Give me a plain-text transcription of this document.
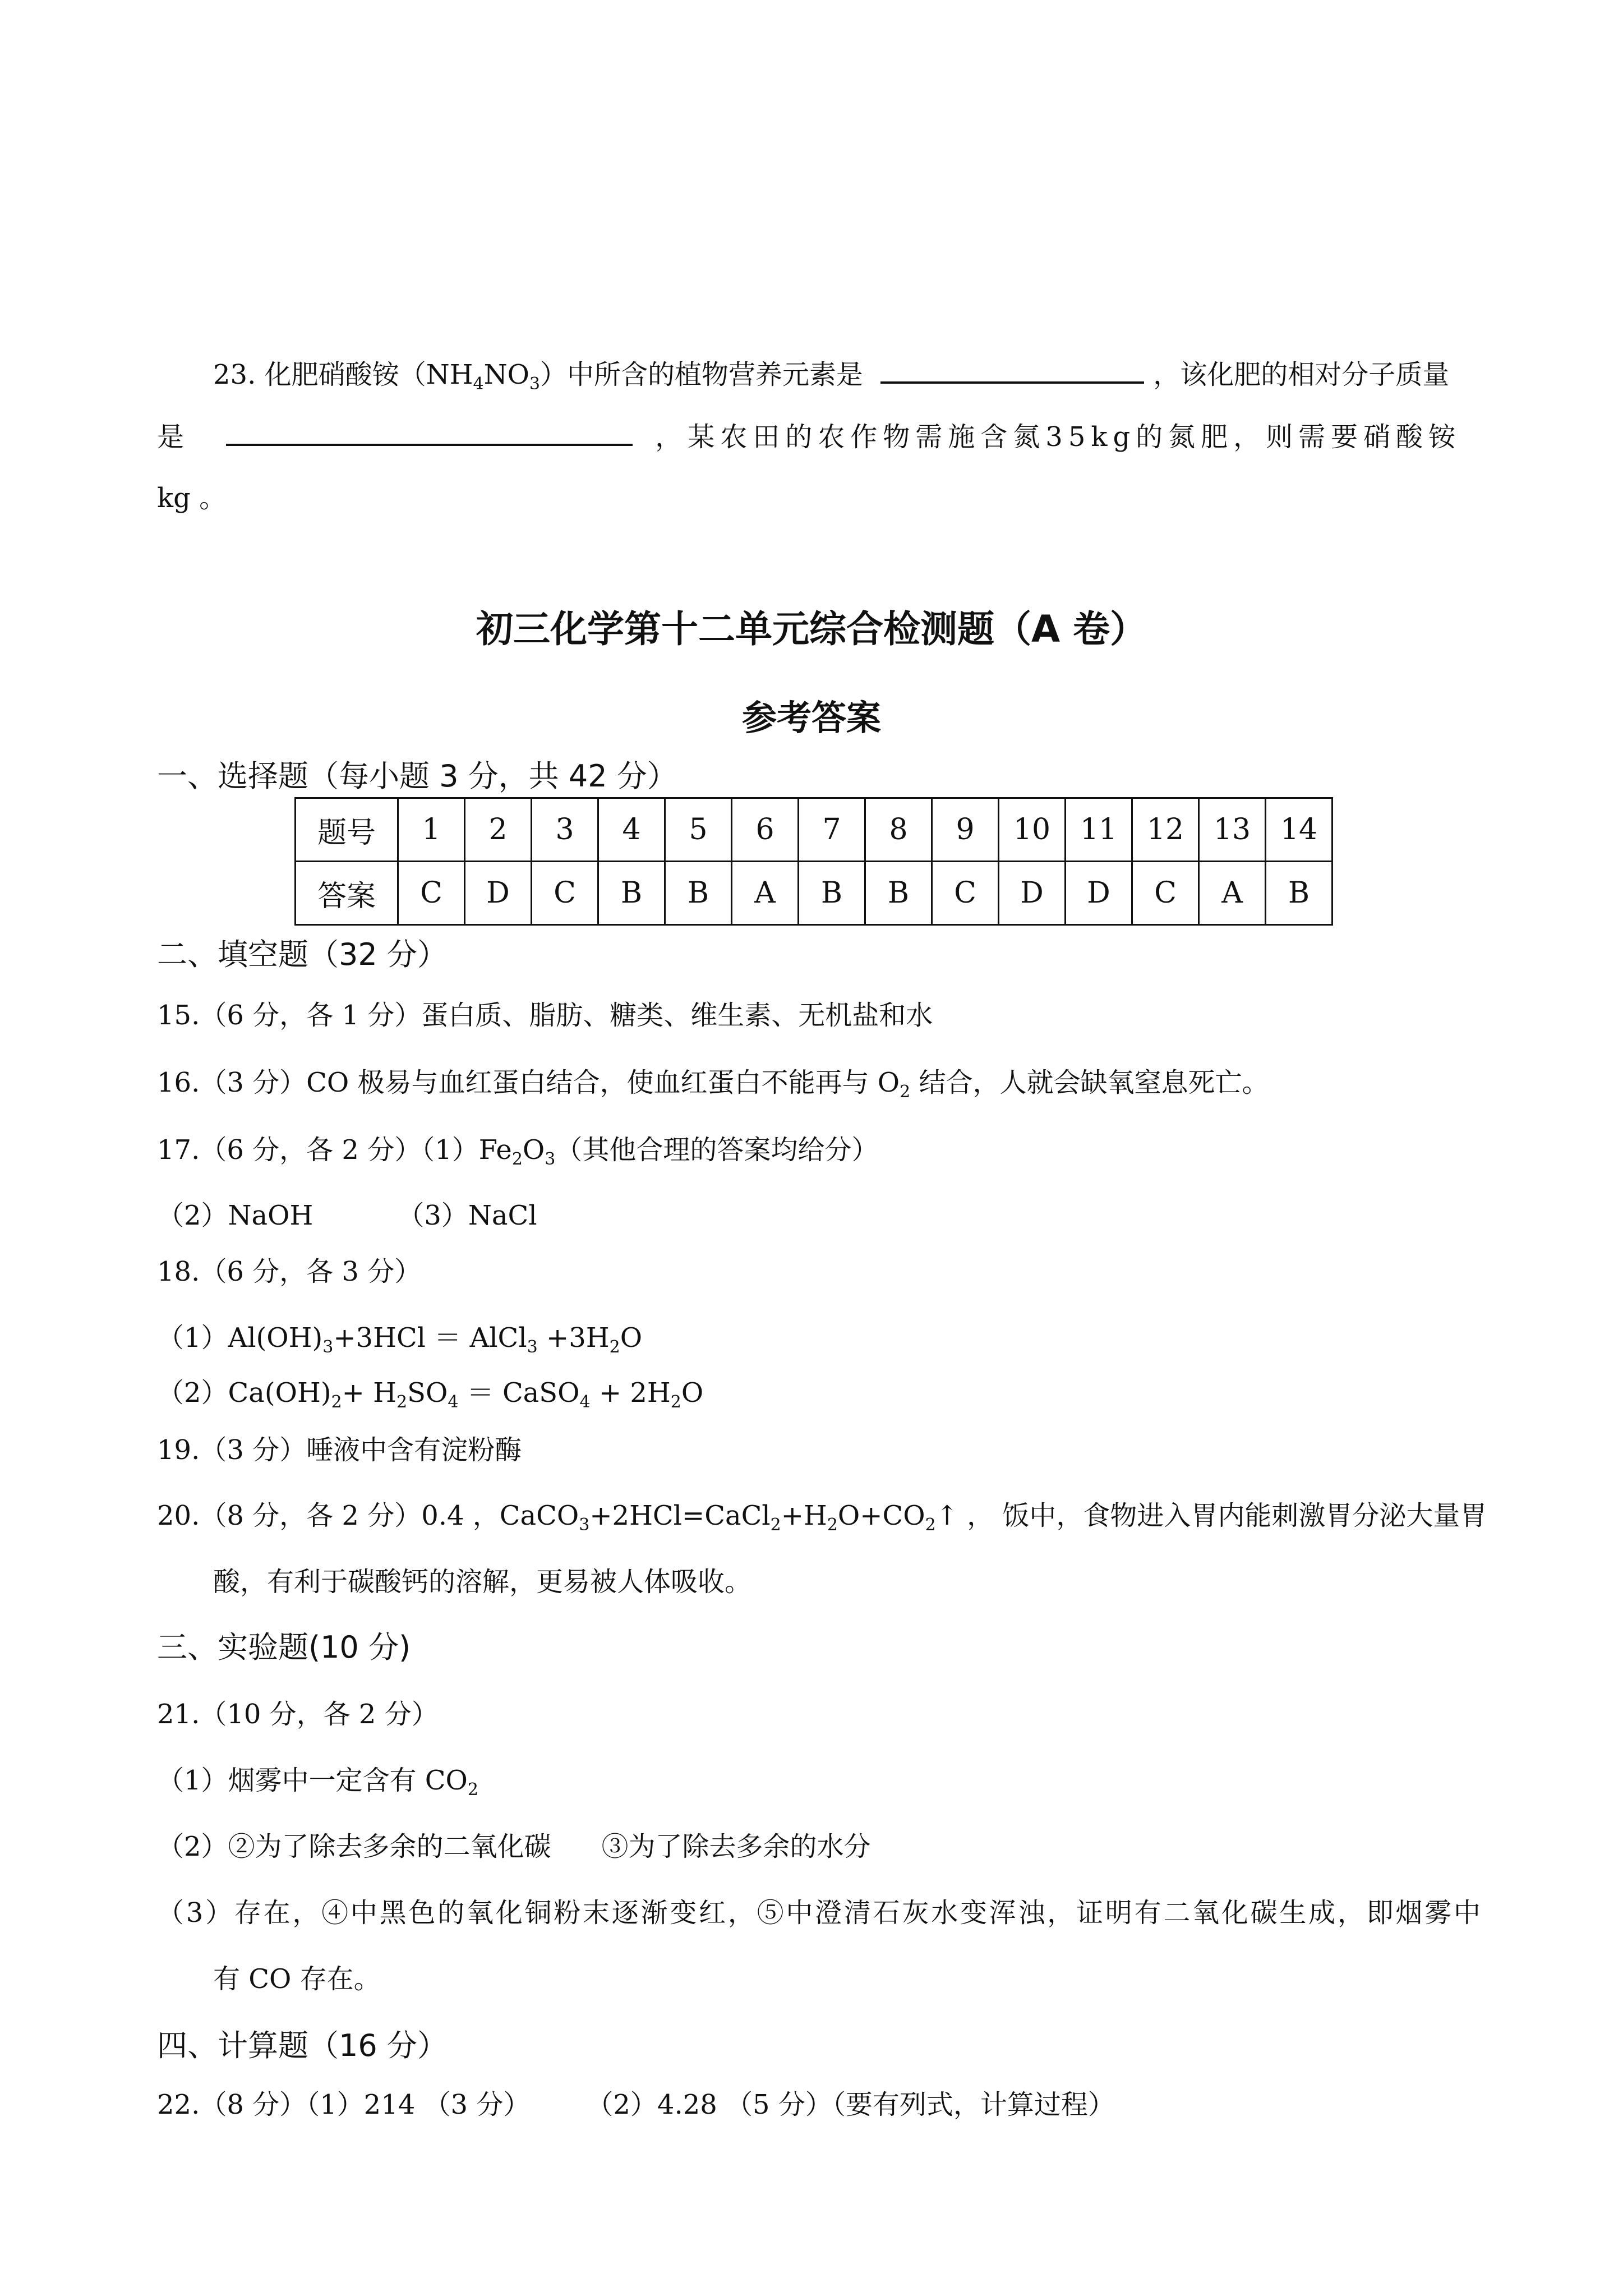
23. 化肥硝酸铵$(NH_4NO_3)$中所含的植物营养元素是	，该化肥的相对分子质量
是	，某农田的农作物需施含氮35kg的氮肥，则需要硝酸铵
kg 。
初三化学第十二单元综合检测题（A 卷）
参考答案
一、选择题（每小题 3 分，共 42 分）
题号	1	2	3	4	5	6	7	8	9	10	11	12	13	14
答案	C	D	C	B	B	A	B	B	C	D	D	C	A	B
二、填空题（32 分）
15.（6 分，各 1 分）蛋白质、脂肪、糖类、维生素、无机盐和水
16.（3 分）CO 极易与血红蛋白结合，使血红蛋白不能再与 $O_2$ 结合，人就会缺氧窒息死亡。
17.（6 分，各 2 分）$(1)Fe_2O_3$（其他合理的答案均给分）
（2）NaOH	（3）NaCl
18.（6 分，各 3 分）
$(1)Al(OH)_3+3HCl$ ＝ AlCl$_3$ $+3H_2O$
$(2)Ca(OH)_2+ H_2SO_4$ ＝ CaSO$_4$ + $2H_2O$
19.（3 分）唾液中含有淀粉酶
20.（8 分，各 2 分）0.4 ，$CaCO_3+2HCl=CaCl_2+H_2O+CO_2↑$ ， 饭中，食物进入胃内能刺激胃分泌大量胃
酸，有利于碳酸钙的溶解，更易被人体吸收。
三、实验题(10 分)
21.（10 分，各 2 分）
（1）烟雾中一定含有 $CO_2$
（2）②为了除去多余的二氧化碳 ③为了除去多余的水分
（3）存在，④中黑色的氧化铜粉末逐渐变红，⑤中澄清石灰水变浑浊，证明有二氧化碳生成，即烟雾中
有 CO 存在。
四、计算题（16 分）
22.（8 分）（1）214 （3 分） （2）4.28 （5 分）（要有列式，计算过程）
